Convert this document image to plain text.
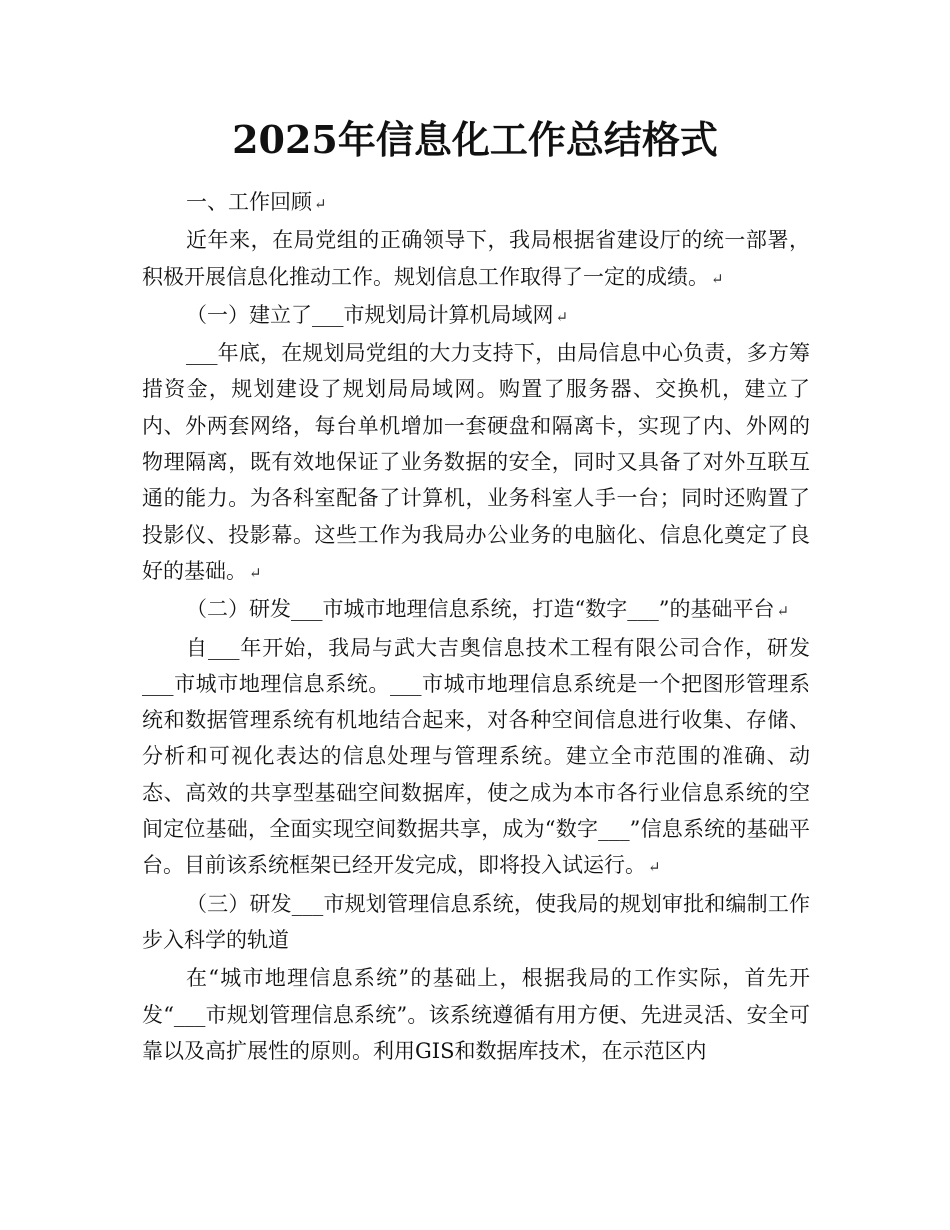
2025年信息化工作总结格式

一、工作回顾 ↵

近年来，在局党组的正确领导下，我局根据省建设厅的统一部署，积极开展信息化推动工作。规划信息工作取得了一定的成绩。 ↵

（一）建立了___市规划局计算机局域网 ↵

___年底，在规划局党组的大力支持下，由局信息中心负责，多方筹措资金，规划建设了规划局局域网。购置了服务器、交换机，建立了内、外两套网络，每台单机增加一套硬盘和隔离卡，实现了内、外网的物理隔离，既有效地保证了业务数据的安全，同时又具备了对外互联互通的能力。为各科室配备了计算机，业务科室人手一台；同时还购置了投影仪、投影幕。这些工作为我局办公业务的电脑化、信息化奠定了良好的基础。 ↵

（二）研发___市城市地理信息系统，打造“数字___”的基础平台 ↵

自___年开始，我局与武大吉奥信息技术工程有限公司合作，研发___市城市地理信息系统。___市城市地理信息系统是一个把图形管理系统和数据管理系统有机地结合起来，对各种空间信息进行收集、存储、分析和可视化表达的信息处理与管理系统。建立全市范围的准确、动态、高效的共享型基础空间数据库，使之成为本市各行业信息系统的空间定位基础，全面实现空间数据共享，成为“数字___”信息系统的基础平台。目前该系统框架已经开发完成，即将投入试运行。 ↵

（三）研发___市规划管理信息系统，使我局的规划审批和编制工作步入科学的轨道

在“城市地理信息系统”的基础上，根据我局的工作实际，首先开发“___市规划管理信息系统”。该系统遵循有用方便、先进灵活、安全可靠以及高扩展性的原则。利用GIS和数据库技术，在示范区内
